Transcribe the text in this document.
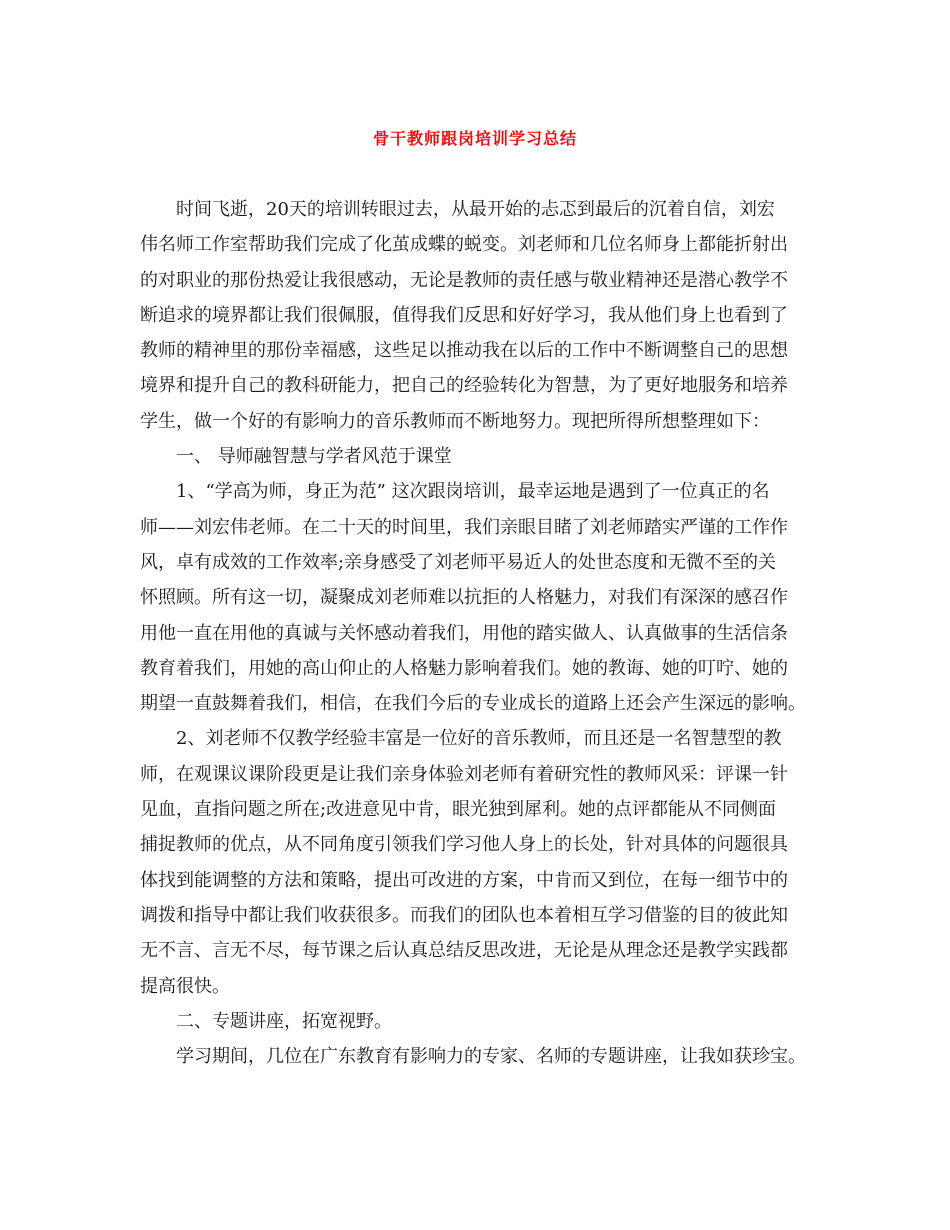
骨干教师跟岗培训学习总结
时间飞逝，20天的培训转眼过去，从最开始的忐忑到最后的沉着自信，刘宏
伟名师工作室帮助我们完成了化茧成蝶的蜕变。刘老师和几位名师身上都能折射出
的对职业的那份热爱让我很感动，无论是教师的责任感与敬业精神还是潜心教学不
断追求的境界都让我们很佩服，值得我们反思和好好学习，我从他们身上也看到了
教师的精神里的那份幸福感，这些足以推动我在以后的工作中不断调整自己的思想
境界和提升自己的教科研能力，把自己的经验转化为智慧，为了更好地服务和培养
学生，做一个好的有影响力的音乐教师而不断地努力。现把所得所想整理如下：
一、 导师融智慧与学者风范于课堂
1、“学高为师，身正为范” 这次跟岗培训，最幸运地是遇到了一位真正的名
师——刘宏伟老师。在二十天的时间里，我们亲眼目睹了刘老师踏实严谨的工作作
风，卓有成效的工作效率;亲身感受了刘老师平易近人的处世态度和无微不至的关
怀照顾。所有这一切，凝聚成刘老师难以抗拒的人格魅力，对我们有深深的感召作
用他一直在用他的真诚与关怀感动着我们，用他的踏实做人、认真做事的生活信条
教育着我们，用她的高山仰止的人格魅力影响着我们。她的教诲、她的叮咛、她的
期望一直鼓舞着我们，相信，在我们今后的专业成长的道路上还会产生深远的影响。
2、刘老师不仅教学经验丰富是一位好的音乐教师，而且还是一名智慧型的教
师，在观课议课阶段更是让我们亲身体验刘老师有着研究性的教师风采：评课一针
见血，直指问题之所在;改进意见中肯，眼光独到犀利。她的点评都能从不同侧面
捕捉教师的优点，从不同角度引领我们学习他人身上的长处，针对具体的问题很具
体找到能调整的方法和策略，提出可改进的方案，中肯而又到位，在每一细节中的
调拨和指导中都让我们收获很多。而我们的团队也本着相互学习借鉴的目的彼此知
无不言、言无不尽，每节课之后认真总结反思改进，无论是从理念还是教学实践都
提高很快。
二、专题讲座，拓宽视野。
学习期间，几位在广东教育有影响力的专家、名师的专题讲座，让我如获珍宝。
